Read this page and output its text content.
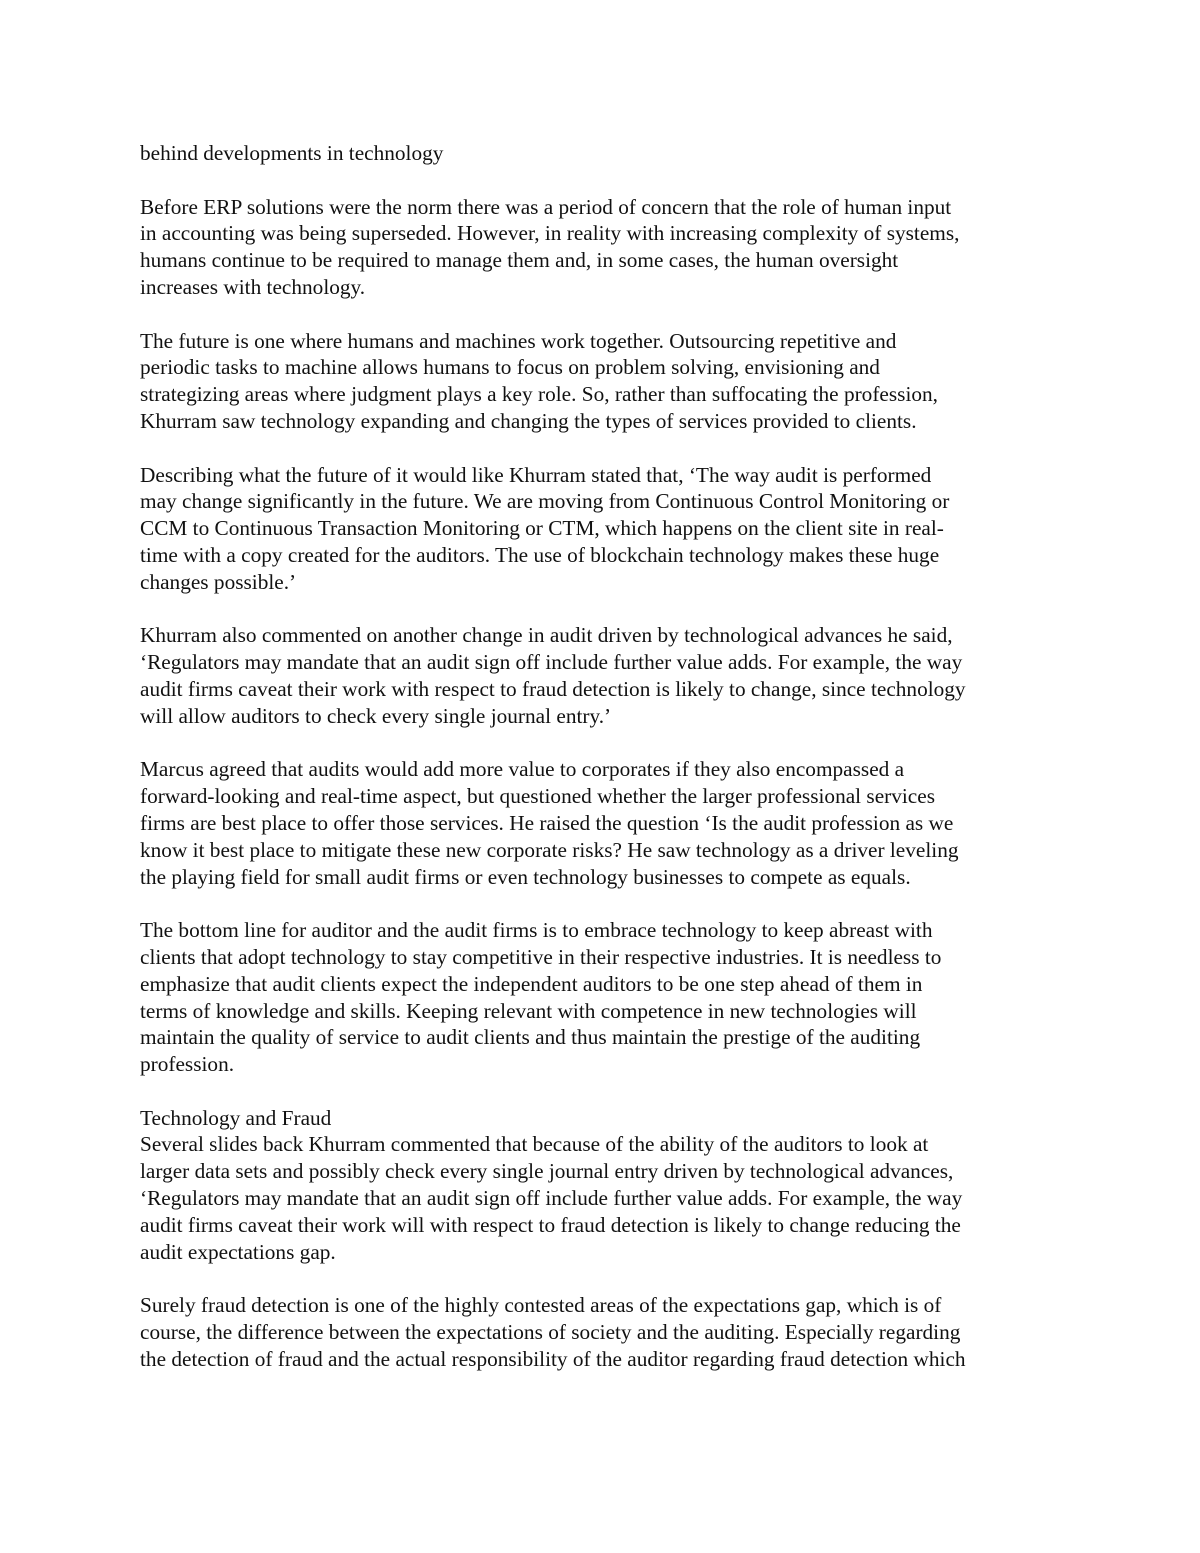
behind developments in technology

Before ERP solutions were the norm there was a period of concern that the role of human input
in accounting was being superseded. However, in reality with increasing complexity of systems,
humans continue to be required to manage them and, in some cases, the human oversight
increases with technology.

The future is one where humans and machines work together. Outsourcing repetitive and
periodic tasks to machine allows humans to focus on problem solving, envisioning and
strategizing areas where judgment plays a key role. So, rather than suffocating the profession,
Khurram saw technology expanding and changing the types of services provided to clients.

Describing what the future of it would like Khurram stated that, ‘The way audit is performed
may change significantly in the future. We are moving from Continuous Control Monitoring or
CCM to Continuous Transaction Monitoring or CTM, which happens on the client site in real-
time with a copy created for the auditors. The use of blockchain technology makes these huge
changes possible.’

Khurram also commented on another change in audit driven by technological advances he said,
‘Regulators may mandate that an audit sign off include further value adds. For example, the way
audit firms caveat their work with respect to fraud detection is likely to change, since technology
will allow auditors to check every single journal entry.’

Marcus agreed that audits would add more value to corporates if they also encompassed a
forward-looking and real-time aspect, but questioned whether the larger professional services
firms are best place to offer those services. He raised the question ‘Is the audit profession as we
know it best place to mitigate these new corporate risks? He saw technology as a driver leveling
the playing field for small audit firms or even technology businesses to compete as equals.

The bottom line for auditor and the audit firms is to embrace technology to keep abreast with
clients that adopt technology to stay competitive in their respective industries. It is needless to
emphasize that audit clients expect the independent auditors to be one step ahead of them in
terms of knowledge and skills. Keeping relevant with competence in new technologies will
maintain the quality of service to audit clients and thus maintain the prestige of the auditing
profession.

Technology and Fraud
Several slides back Khurram commented that because of the ability of the auditors to look at
larger data sets and possibly check every single journal entry driven by technological advances,
‘Regulators may mandate that an audit sign off include further value adds. For example, the way
audit firms caveat their work will with respect to fraud detection is likely to change reducing the
audit expectations gap.

Surely fraud detection is one of the highly contested areas of the expectations gap, which is of
course, the difference between the expectations of society and the auditing. Especially regarding
the detection of fraud and the actual responsibility of the auditor regarding fraud detection which
